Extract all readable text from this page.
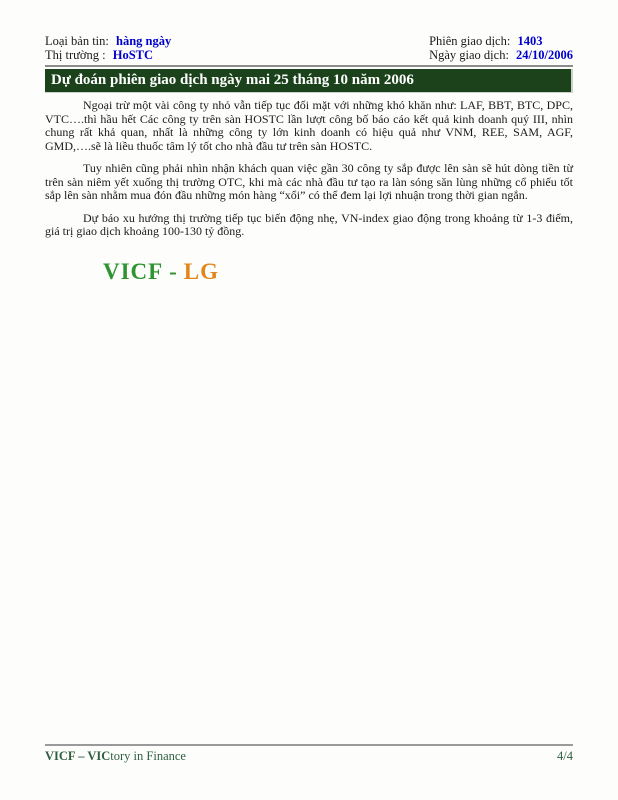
Loại bản tin: hàng ngày
Thị trường : HoSTC
Phiên giao dịch: 1403
Ngày giao dịch: 24/10/2006
Dự đoán phiên giao dịch ngày mai 25 tháng 10 năm 2006

Ngoại trừ một vài công ty nhỏ vẫn tiếp tục đối mặt với những khó khăn như: LAF, BBT, BTC, DPC, VTC….thì hầu hết Các công ty trên sàn HOSTC lần lượt công bố báo cáo kết quả kinh doanh quý III, nhìn chung rất khả quan, nhất là những công ty lớn kinh doanh có hiệu quả như VNM, REE, SAM, AGF, GMD,….sẽ là liều thuốc tâm lý tốt cho nhà đầu tư trên sàn HOSTC.

Tuy nhiên cũng phải nhìn nhận khách quan việc gần 30 công ty sắp được lên sàn sẽ hút dòng tiền từ trên sàn niêm yết xuống thị trường OTC, khi mà các nhà đầu tư tạo ra làn sóng săn lùng những cổ phiếu tốt sắp lên sàn nhằm mua đón đầu những món hàng “xổi” có thể đem lại lợi nhuận trong thời gian ngắn.

Dự báo xu hướng thị trường tiếp tục biến động nhẹ, VN-index giao động trong khoảng từ 1-3 điểm, giá trị giao dịch khoảng 100-130 tỷ đồng.

VICF - LG
VICF – VICtory in Finance	4/4
